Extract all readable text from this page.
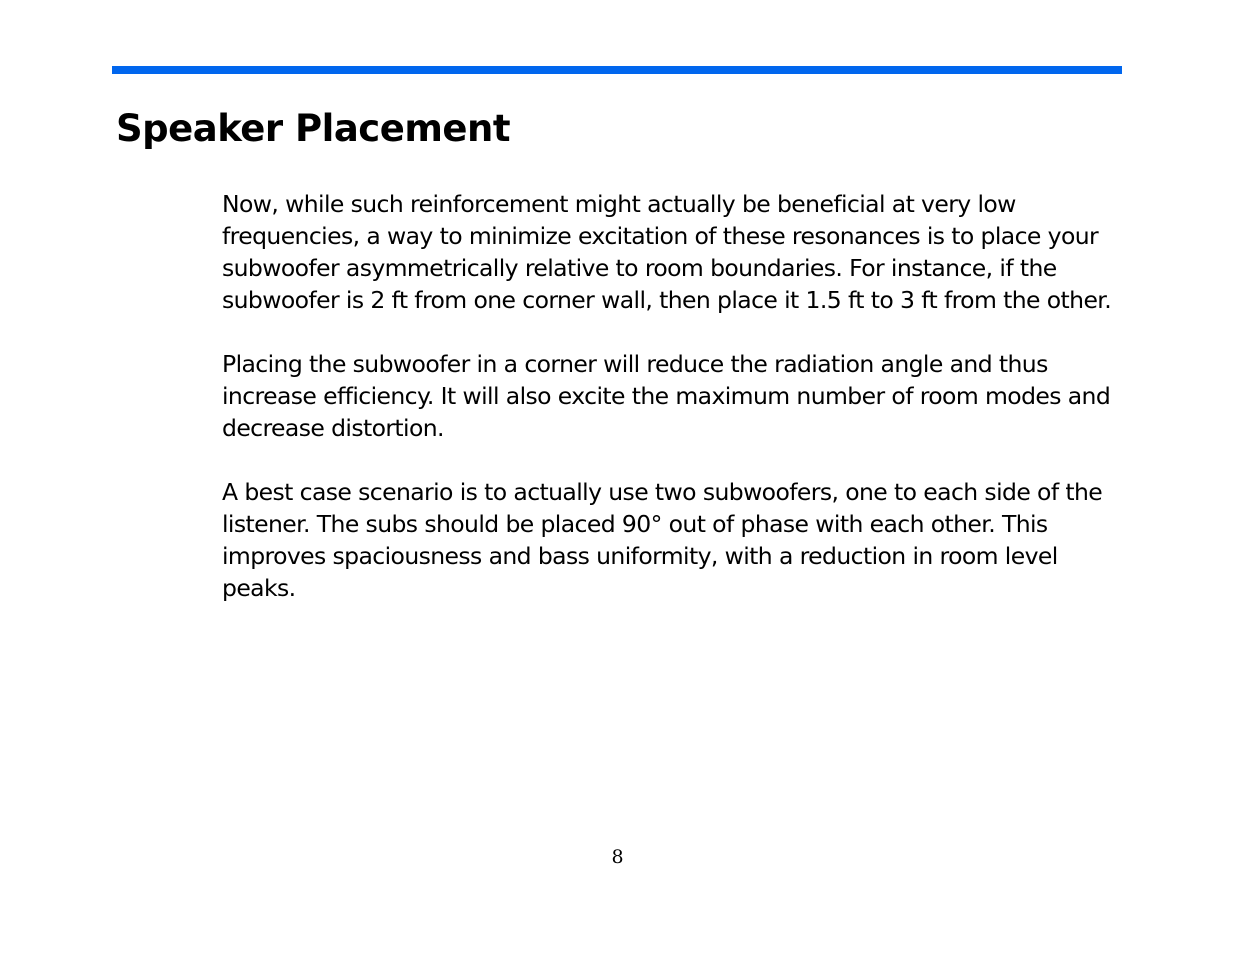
Speaker Placement

Now, while such reinforcement might actually be beneficial at very low frequencies, a way to minimize excitation of these resonances is to place your subwoofer asymmetrically relative to room boundaries. For instance, if the subwoofer is 2 ft from one corner wall, then place it 1.5 ft to 3 ft from the other.

Placing the subwoofer in a corner will reduce the radiation angle and thus increase efficiency. It will also excite the maximum number of room modes and decrease distortion.

A best case scenario is to actually use two subwoofers, one to each side of the listener. The subs should be placed 90° out of phase with each other. This improves spaciousness and bass uniformity, with a reduction in room level peaks.

8
